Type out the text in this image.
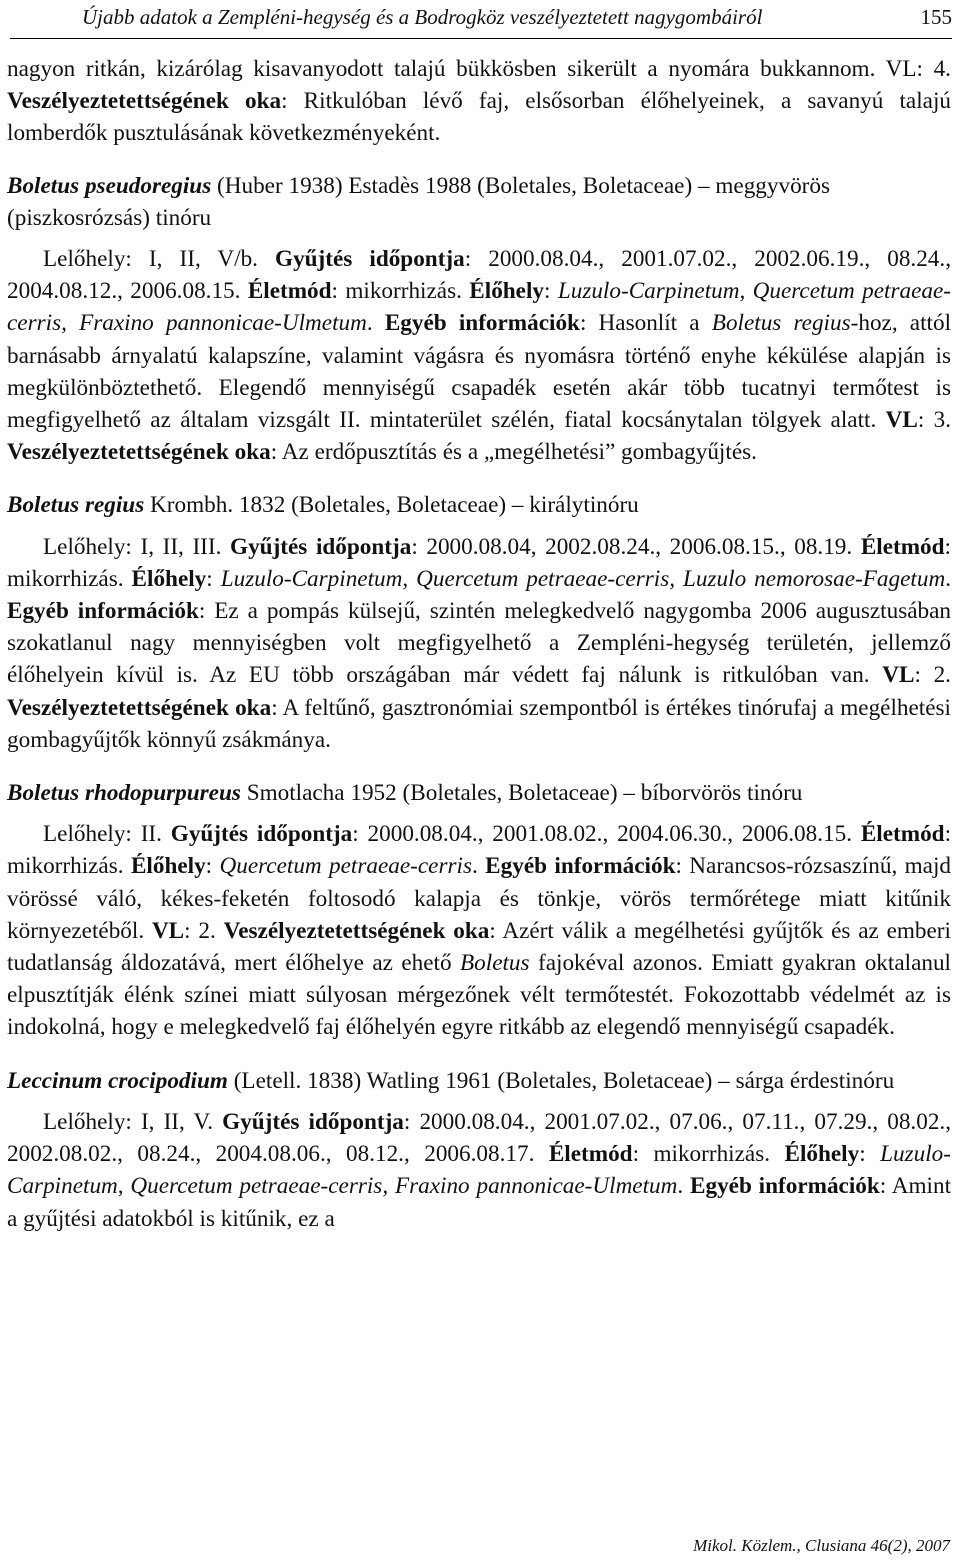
Újabb adatok a Zempléni-hegység és a Bodrogköz veszélyeztetett nagygombáiról	155

nagyon ritkán, kizárólag kisavanyodott talajú bükkösben sikerült a nyomára bukkannom. VL: 4. Veszélyeztetettségének oka: Ritkulóban lévő faj, elsősorban élőhelyeinek, a savanyú talajú lomberdők pusztulásának következményeként.

Boletus pseudoregius (Huber 1938) Estadès 1988 (Boletales, Boletaceae) – meggyvörös (piszkosrózsás) tinóru

Lelőhely: I, II, V/b. Gyűjtés időpontja: 2000.08.04., 2001.07.02., 2002.06.19., 08.24., 2004.08.12., 2006.08.15. Életmód: mikorrhizás. Élőhely: Luzulo-Carpinetum, Quercetum petraeae-cerris, Fraxino pannonicae-Ulmetum. Egyéb információk: Hasonlít a Boletus regius-hoz, attól barnásabb árnyalatú kalapszíne, valamint vágásra és nyomásra történő enyhe kékülése alapján is megkülönböztethető. Elegendő mennyiségű csapadék esetén akár több tucatnyi termőtest is megfigyelhető az általam vizsgált II. mintaterület szélén, fiatal kocsánytalan tölgyek alatt. VL: 3. Veszélyeztetettségének oka: Az erdőpusztítás és a „megélhetési” gombagyűjtés.

Boletus regius Krombh. 1832 (Boletales, Boletaceae) – királytinóru

Lelőhely: I, II, III. Gyűjtés időpontja: 2000.08.04, 2002.08.24., 2006.08.15., 08.19. Életmód: mikorrhizás. Élőhely: Luzulo-Carpinetum, Quercetum petraeae-cerris, Luzulo nemorosae-Fagetum. Egyéb információk: Ez a pompás külsejű, szintén melegkedvelő nagygomba 2006 augusztusában szokatlanul nagy mennyiségben volt megfigyelhető a Zempléni-hegység területén, jellemző élőhelyein kívül is. Az EU több országában már védett faj nálunk is ritkulóban van. VL: 2. Veszélyeztetettségének oka: A feltűnő, gasztronómiai szempontból is értékes tinórufaj a megélhetési gombagyűjtők könnyű zsákmánya.

Boletus rhodopurpureus Smotlacha 1952 (Boletales, Boletaceae) – bíborvörös tinóru

Lelőhely: II. Gyűjtés időpontja: 2000.08.04., 2001.08.02., 2004.06.30., 2006.08.15. Életmód: mikorrhizás. Élőhely: Quercetum petraeae-cerris. Egyéb információk: Narancsos-rózsaszínű, majd vörössé váló, kékes-feketén foltosodó kalapja és tönkje, vörös termőrétege miatt kitűnik környezetéből. VL: 2. Veszélyeztetettségének oka: Azért válik a megélhetési gyűjtők és az emberi tudatlanság áldozatává, mert élőhelye az ehető Boletus fajokéval azonos. Emiatt gyakran oktalanul elpusztítják élénk színei miatt súlyosan mérgezőnek vélt termőtestét. Fokozottabb védelmét az is indokolná, hogy e melegkedvelő faj élőhelyén egyre ritkább az elegendő mennyiségű csapadék.

Leccinum crocipodium (Letell. 1838) Watling 1961 (Boletales, Boletaceae) – sárga érdestinóru

Lelőhely: I, II, V. Gyűjtés időpontja: 2000.08.04., 2001.07.02., 07.06., 07.11., 07.29., 08.02., 2002.08.02., 08.24., 2004.08.06., 08.12., 2006.08.17. Életmód: mikorrhizás. Élőhely: Luzulo-Carpinetum, Quercetum petraeae-cerris, Fraxino pannonicae-Ulmetum. Egyéb információk: Amint a gyűjtési adatokból is kitűnik, ez a

Mikol. Közlem., Clusiana 46(2), 2007
